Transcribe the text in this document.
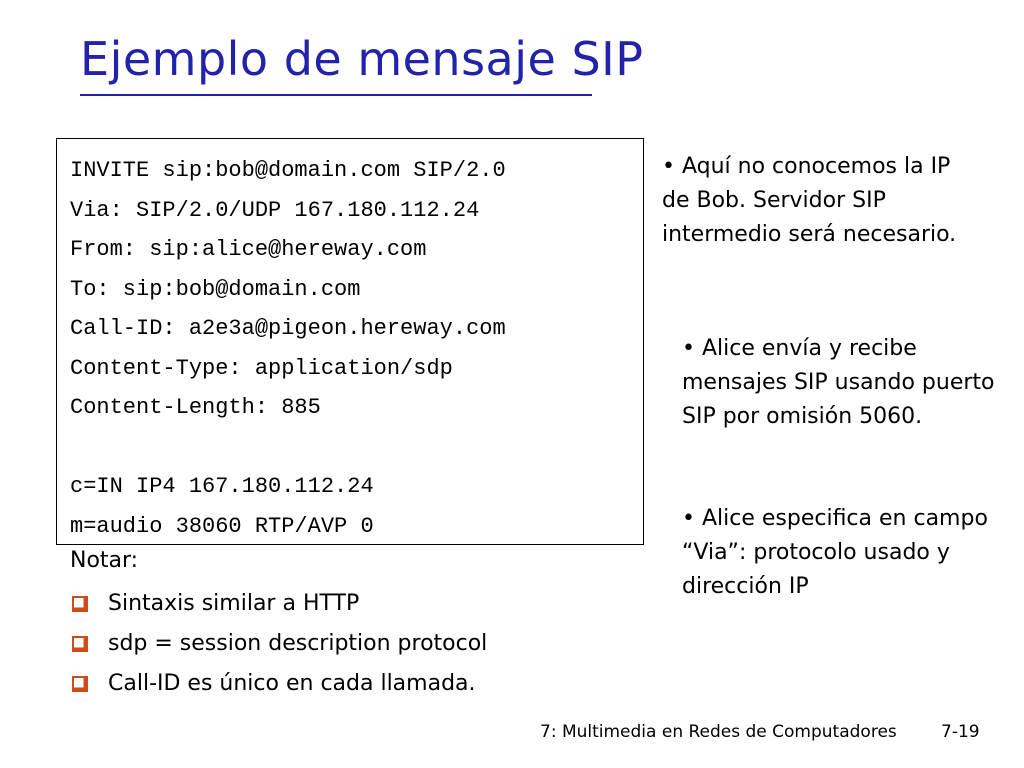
Ejemplo de mensaje SIP
INVITE sip:bob@domain.com SIP/2.0
Via: SIP/2.0/UDP 167.180.112.24
From: sip:alice@hereway.com
To: sip:bob@domain.com
Call-ID: a2e3a@pigeon.hereway.com
Content-Type: application/sdp
Content-Length: 885
c=IN IP4 167.180.112.24
m=audio 38060 RTP/AVP 0

Notar:

Sintaxis similar a HTTP
sdp = session description protocol
Call-ID es único en cada llamada.

• Aquí no conocemos la IP de Bob. Servidor SIP intermedio será necesario.

• Alice envía y recibe mensajes SIP usando puerto SIP por omisión 5060.

• Alice especifica en campo “Via”: protocolo usado y dirección IP

7: Multimedia en Redes de Computadores	7-19
